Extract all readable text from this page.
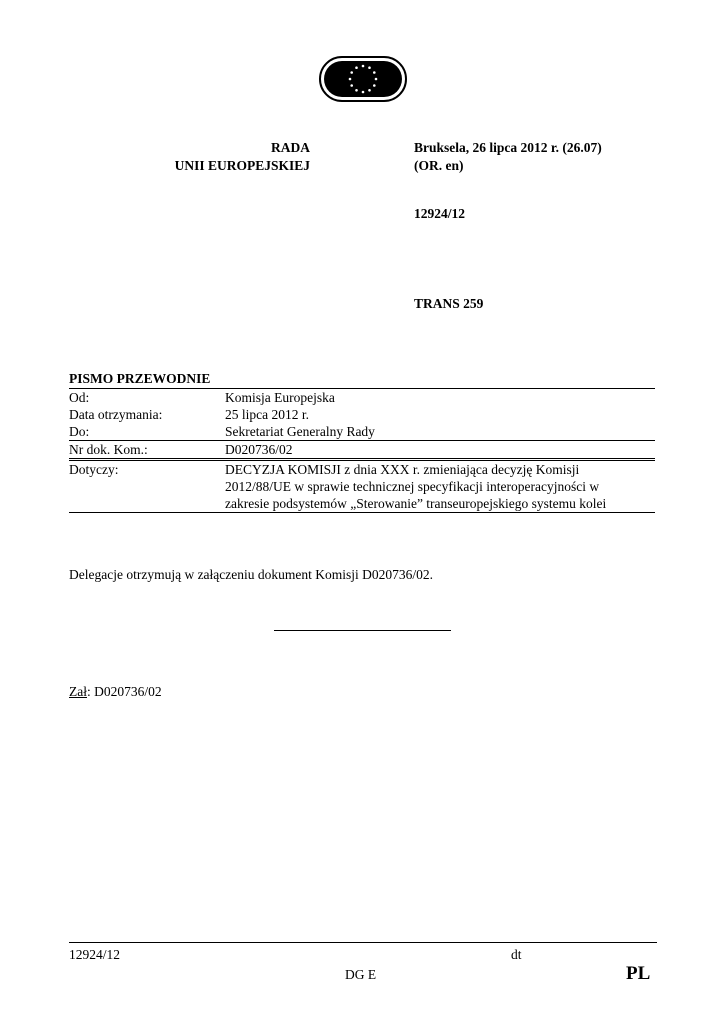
RADA
UNII EUROPEJSKIEJ
Bruksela, 26 lipca 2012 r. (26.07)
(OR. en)
12924/12
TRANS 259
PISMO PRZEWODNIE
Od:	Komisja Europejska
Data otrzymania:	25 lipca 2012 r.
Do:	Sekretariat Generalny Rady
Nr dok. Kom.:	D020736/02
Dotyczy:	DECYZJA KOMISJI z dnia XXX r. zmieniająca decyzję Komisji
2012/88/UE w sprawie technicznej specyfikacji interoperacyjności w
zakresie podsystemów „Sterowanie” transeuropejskiego systemu kolei
Delegacje otrzymują w załączeniu dokument Komisji D020736/02.
Zał: D020736/02
12924/12	dt
DG E	PL
